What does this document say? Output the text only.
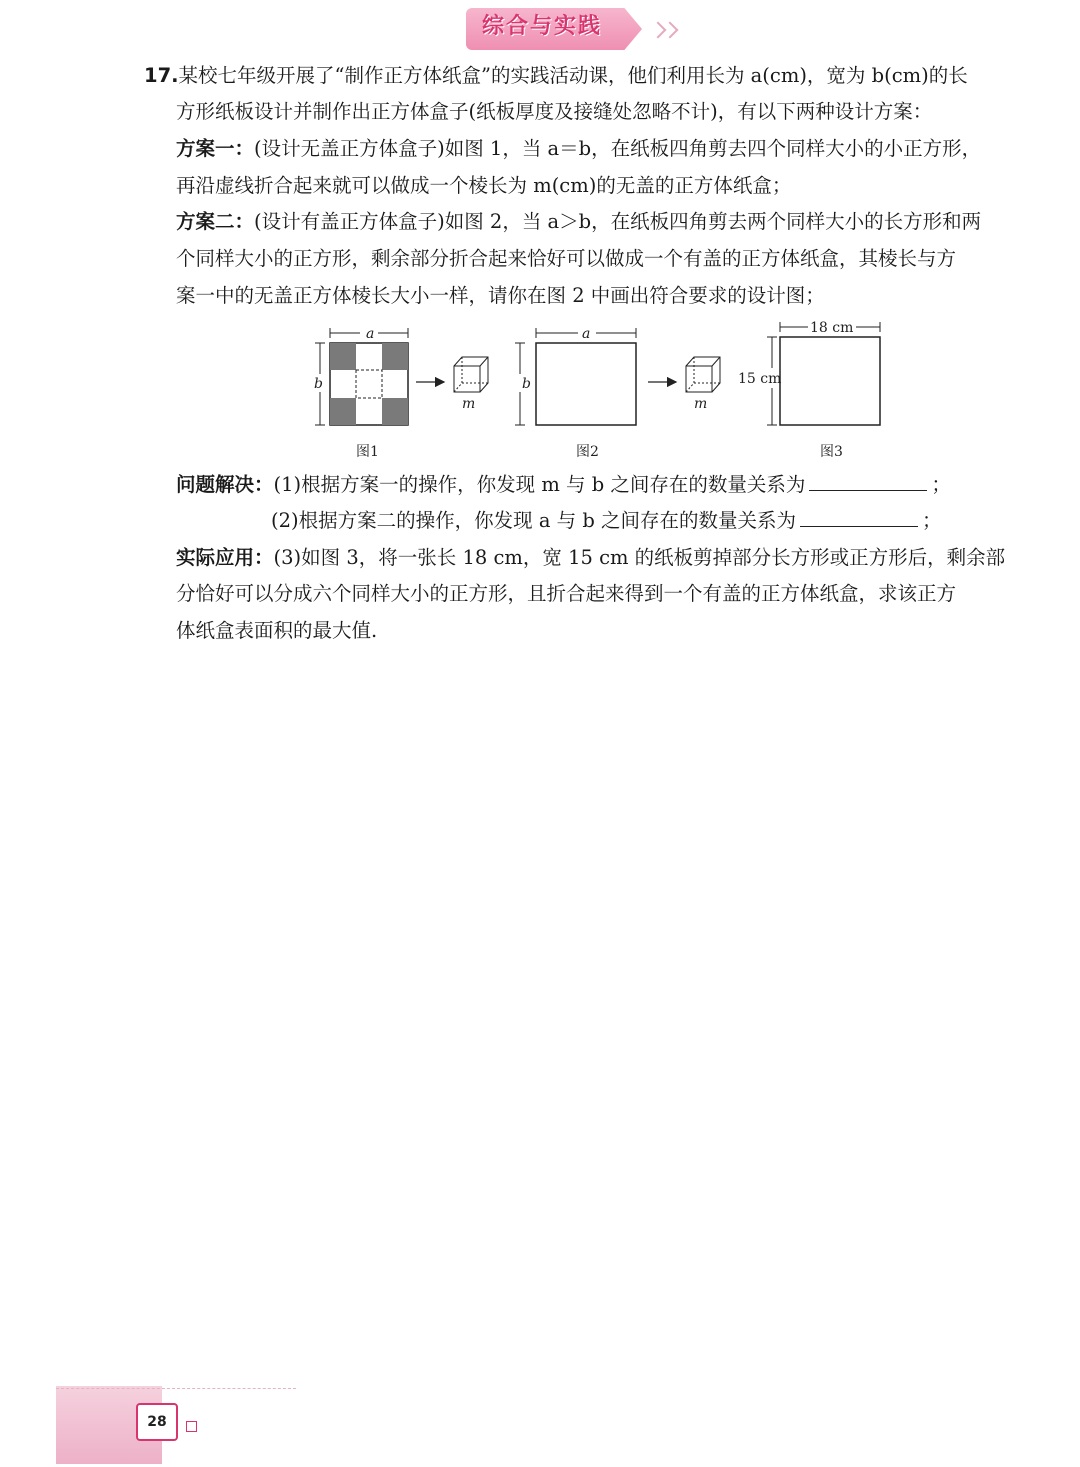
综合与实践
17.某校七年级开展了“制作正方体纸盒”的实践活动课，他们利用长为 a(cm)，宽为 b(cm)的长
方形纸板设计并制作出正方体盒子(纸板厚度及接缝处忽略不计)，有以下两种设计方案：
方案一：(设计无盖正方体盒子)如图 1，当 a＝b，在纸板四角剪去四个同样大小的小正方形，
再沿虚线折合起来就可以做成一个棱长为 m(cm)的无盖的正方体纸盒；
方案二：(设计有盖正方体盒子)如图 2，当 a＞b，在纸板四角剪去两个同样大小的长方形和两
个同样大小的正方形，剩余部分折合起来恰好可以做成一个有盖的正方体纸盒，其棱长与方
案一中的无盖正方体棱长大小一样，请你在图 2 中画出符合要求的设计图；
a
b
m
图1
a
b
m
图2
18 cm
15 cm
图3
问题解决：(1)根据方案一的操作，你发现 m 与 b 之间存在的数量关系为	；
(2)根据方案二的操作，你发现 a 与 b 之间存在的数量关系为	；
实际应用：(3)如图 3，将一张长 18 cm，宽 15 cm 的纸板剪掉部分长方形或正方形后，剩余部
分恰好可以分成六个同样大小的正方形，且折合起来得到一个有盖的正方体纸盒，求该正方
体纸盒表面积的最大值.
28
